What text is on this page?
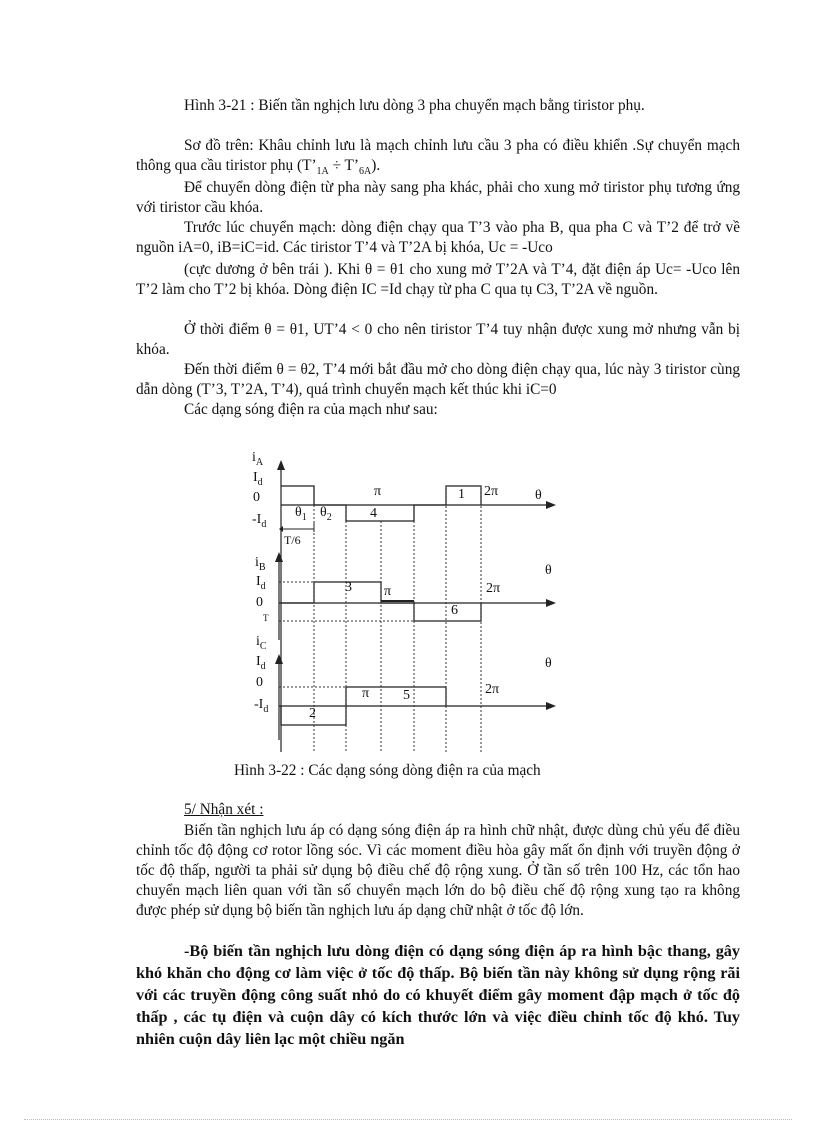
Hình 3-21 : Biến tần nghịch lưu dòng 3 pha chuyển mạch bằng tiristor phụ.

Sơ đồ trên: Khâu chỉnh lưu là mạch chỉnh lưu cầu 3 pha có điều khiển .Sự chuyển mạch thông qua cầu tiristor phụ ($T’_{1A}$ ÷ $T’_{6A}$).

Để chuyển dòng điện từ pha này sang pha khác, phải cho xung mở tiristor phụ tương ứng với tiristor cầu khóa.

Trước lúc chuyển mạch: dòng điện chạy qua T’3 vào pha B, qua pha C và T’2 để trở về nguồn iA=0, iB=iC=id. Các tiristor T’4 và T’2A bị khóa, Uc = -Uco

(cực dương ở bên trái ). Khi θ = θ1 cho xung mở T’2A và T’4, đặt điện áp Uc= -Uco lên T’2 làm cho T’2 bị khóa. Dòng điện IC =Id chạy từ pha C qua tụ C3, T’2A về nguồn.

Ở thời điểm θ = θ1, UT’4 < 0 cho nên tiristor T’4 tuy nhận được xung mở nhưng vẫn bị khóa.

Đến thời điểm θ = θ2, T’4 mới bắt đầu mở cho dòng điện chạy qua, lúc này 3 tiristor cùng dẫn dòng (T’3, T’2A, T’4), quá trình chuyển mạch kết thúc khi iC=0

Các dạng sóng điện ra của mạch như sau:

$i_A$
$I_d$
0
$-I_d$
$\theta_1$ $\theta_2$	4
1
π	2π	θ
T/6
$i_B$
$I_d$
0
T
3 π	2π
6
θ
$i_C$
$I_d$
0
$-I_d$
π 5	2π
2
θ
Hình 3-22 : Các dạng sóng dòng điện ra của mạch
5/ Nhận xét :

Biến tần nghịch lưu áp có dạng sóng điện áp ra hình chữ nhật, được dùng chủ yếu để điều chỉnh tốc độ động cơ rotor lồng sóc. Vì các moment điều hòa gây mất ổn định với truyền động ở tốc độ thấp, người ta phải sử dụng bộ điều chế độ rộng xung. Ở tần số trên 100 Hz, các tổn hao chuyển mạch liên quan với tần số chuyển mạch lớn do bộ điều chế độ rộng xung tạo ra không được phép sử dụng bộ biến tần nghịch lưu áp dạng chữ nhật ở tốc độ lớn.

-Bộ biến tần nghịch lưu dòng điện có dạng sóng điện áp ra hình bậc thang, gây khó khăn cho động cơ làm việc ở tốc độ thấp. Bộ biến tần này không sử dụng rộng rãi với các truyền động công suất nhỏ do có khuyết điểm gây moment đập mạch ở tốc độ thấp , các tụ điện và cuộn dây có kích thước lớn và việc điều chỉnh tốc độ khó. Tuy nhiên cuộn dây liên lạc một chiều ngăn
